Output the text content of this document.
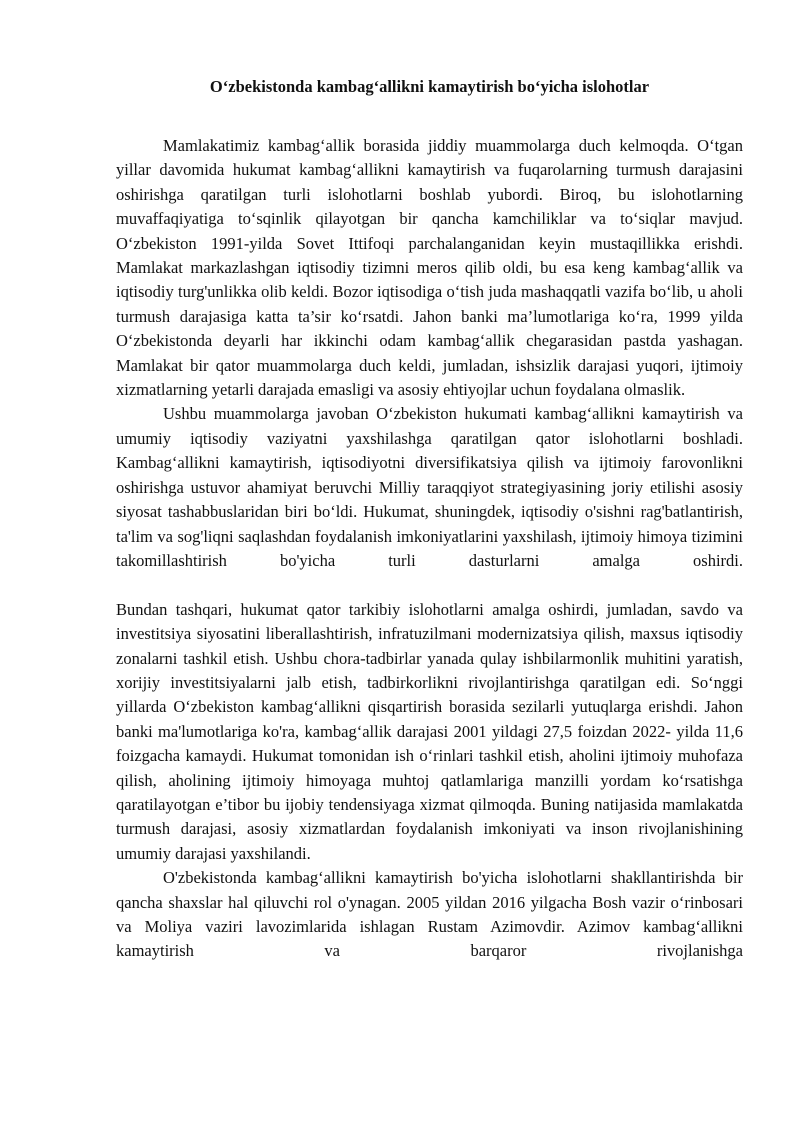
O‘zbekistonda kambag‘allikni kamaytirish bo‘yicha islohotlar

Mamlakatimiz kambag‘allik borasida jiddiy muammolarga duch kelmoqda. O‘tgan yillar davomida hukumat kambag‘allikni kamaytirish va fuqarolarning turmush darajasini oshirishga qaratilgan turli islohotlarni boshlab yubordi. Biroq, bu islohotlarning muvaffaqiyatiga to‘sqinlik qilayotgan bir qancha kamchiliklar va to‘siqlar mavjud. O‘zbekiston 1991-yilda Sovet Ittifoqi parchalanganidan keyin mustaqillikka erishdi. Mamlakat markazlashgan iqtisodiy tizimni meros qilib oldi, bu esa keng kambag‘allik va iqtisodiy turg'unlikka olib keldi. Bozor iqtisodiga o‘tish juda mashaqqatli vazifa bo‘lib, u aholi turmush darajasiga katta ta’sir ko‘rsatdi. Jahon banki ma’lumotlariga ko‘ra, 1999 yilda O‘zbekistonda deyarli har ikkinchi odam kambag‘allik chegarasidan pastda yashagan. Mamlakat bir qator muammolarga duch keldi, jumladan, ishsizlik darajasi yuqori, ijtimoiy xizmatlarning yetarli darajada emasligi va asosiy ehtiyojlar uchun foydalana olmaslik.

Ushbu muammolarga javoban O‘zbekiston hukumati kambag‘allikni kamaytirish va umumiy iqtisodiy vaziyatni yaxshilashga qaratilgan qator islohotlarni boshladi. Kambag‘allikni kamaytirish, iqtisodiyotni diversifikatsiya qilish va ijtimoiy farovonlikni oshirishga ustuvor ahamiyat beruvchi Milliy taraqqiyot strategiyasining joriy etilishi asosiy siyosat tashabbuslaridan biri bo‘ldi. Hukumat, shuningdek, iqtisodiy o'sishni rag'batlantirish, ta'lim va sog'liqni saqlashdan foydalanish imkoniyatlarini yaxshilash, ijtimoiy himoya tizimini takomillashtirish bo'yicha turli dasturlarni amalga oshirdi.

Bundan tashqari, hukumat qator tarkibiy islohotlarni amalga oshirdi, jumladan, savdo va investitsiya siyosatini liberallashtirish, infratuzilmani modernizatsiya qilish, maxsus iqtisodiy zonalarni tashkil etish. Ushbu chora-tadbirlar yanada qulay ishbilarmonlik muhitini yaratish, xorijiy investitsiyalarni jalb etish, tadbirkorlikni rivojlantirishga qaratilgan edi. So‘nggi yillarda O‘zbekiston kambag‘allikni qisqartirish borasida sezilarli yutuqlarga erishdi. Jahon banki ma'lumotlariga ko'ra, kambag‘allik darajasi 2001 yildagi 27,5 foizdan 2022- yilda 11,6 foizgacha kamaydi. Hukumat tomonidan ish o‘rinlari tashkil etish, aholini ijtimoiy muhofaza qilish, aholining ijtimoiy himoyaga muhtoj qatlamlariga manzilli yordam ko‘rsatishga qaratilayotgan e’tibor bu ijobiy tendensiyaga xizmat qilmoqda. Buning natijasida mamlakatda turmush darajasi, asosiy xizmatlardan foydalanish imkoniyati va inson rivojlanishining umumiy darajasi yaxshilandi.

O'zbekistonda kambag‘allikni kamaytirish bo'yicha islohotlarni shakllantirishda bir qancha shaxslar hal qiluvchi rol o'ynagan. 2005 yildan 2016 yilgacha Bosh vazir o‘rinbosari va Moliya vaziri lavozimlarida ishlagan Rustam Azimovdir. Azimov kambag‘allikni kamaytirish va barqaror rivojlanishga
